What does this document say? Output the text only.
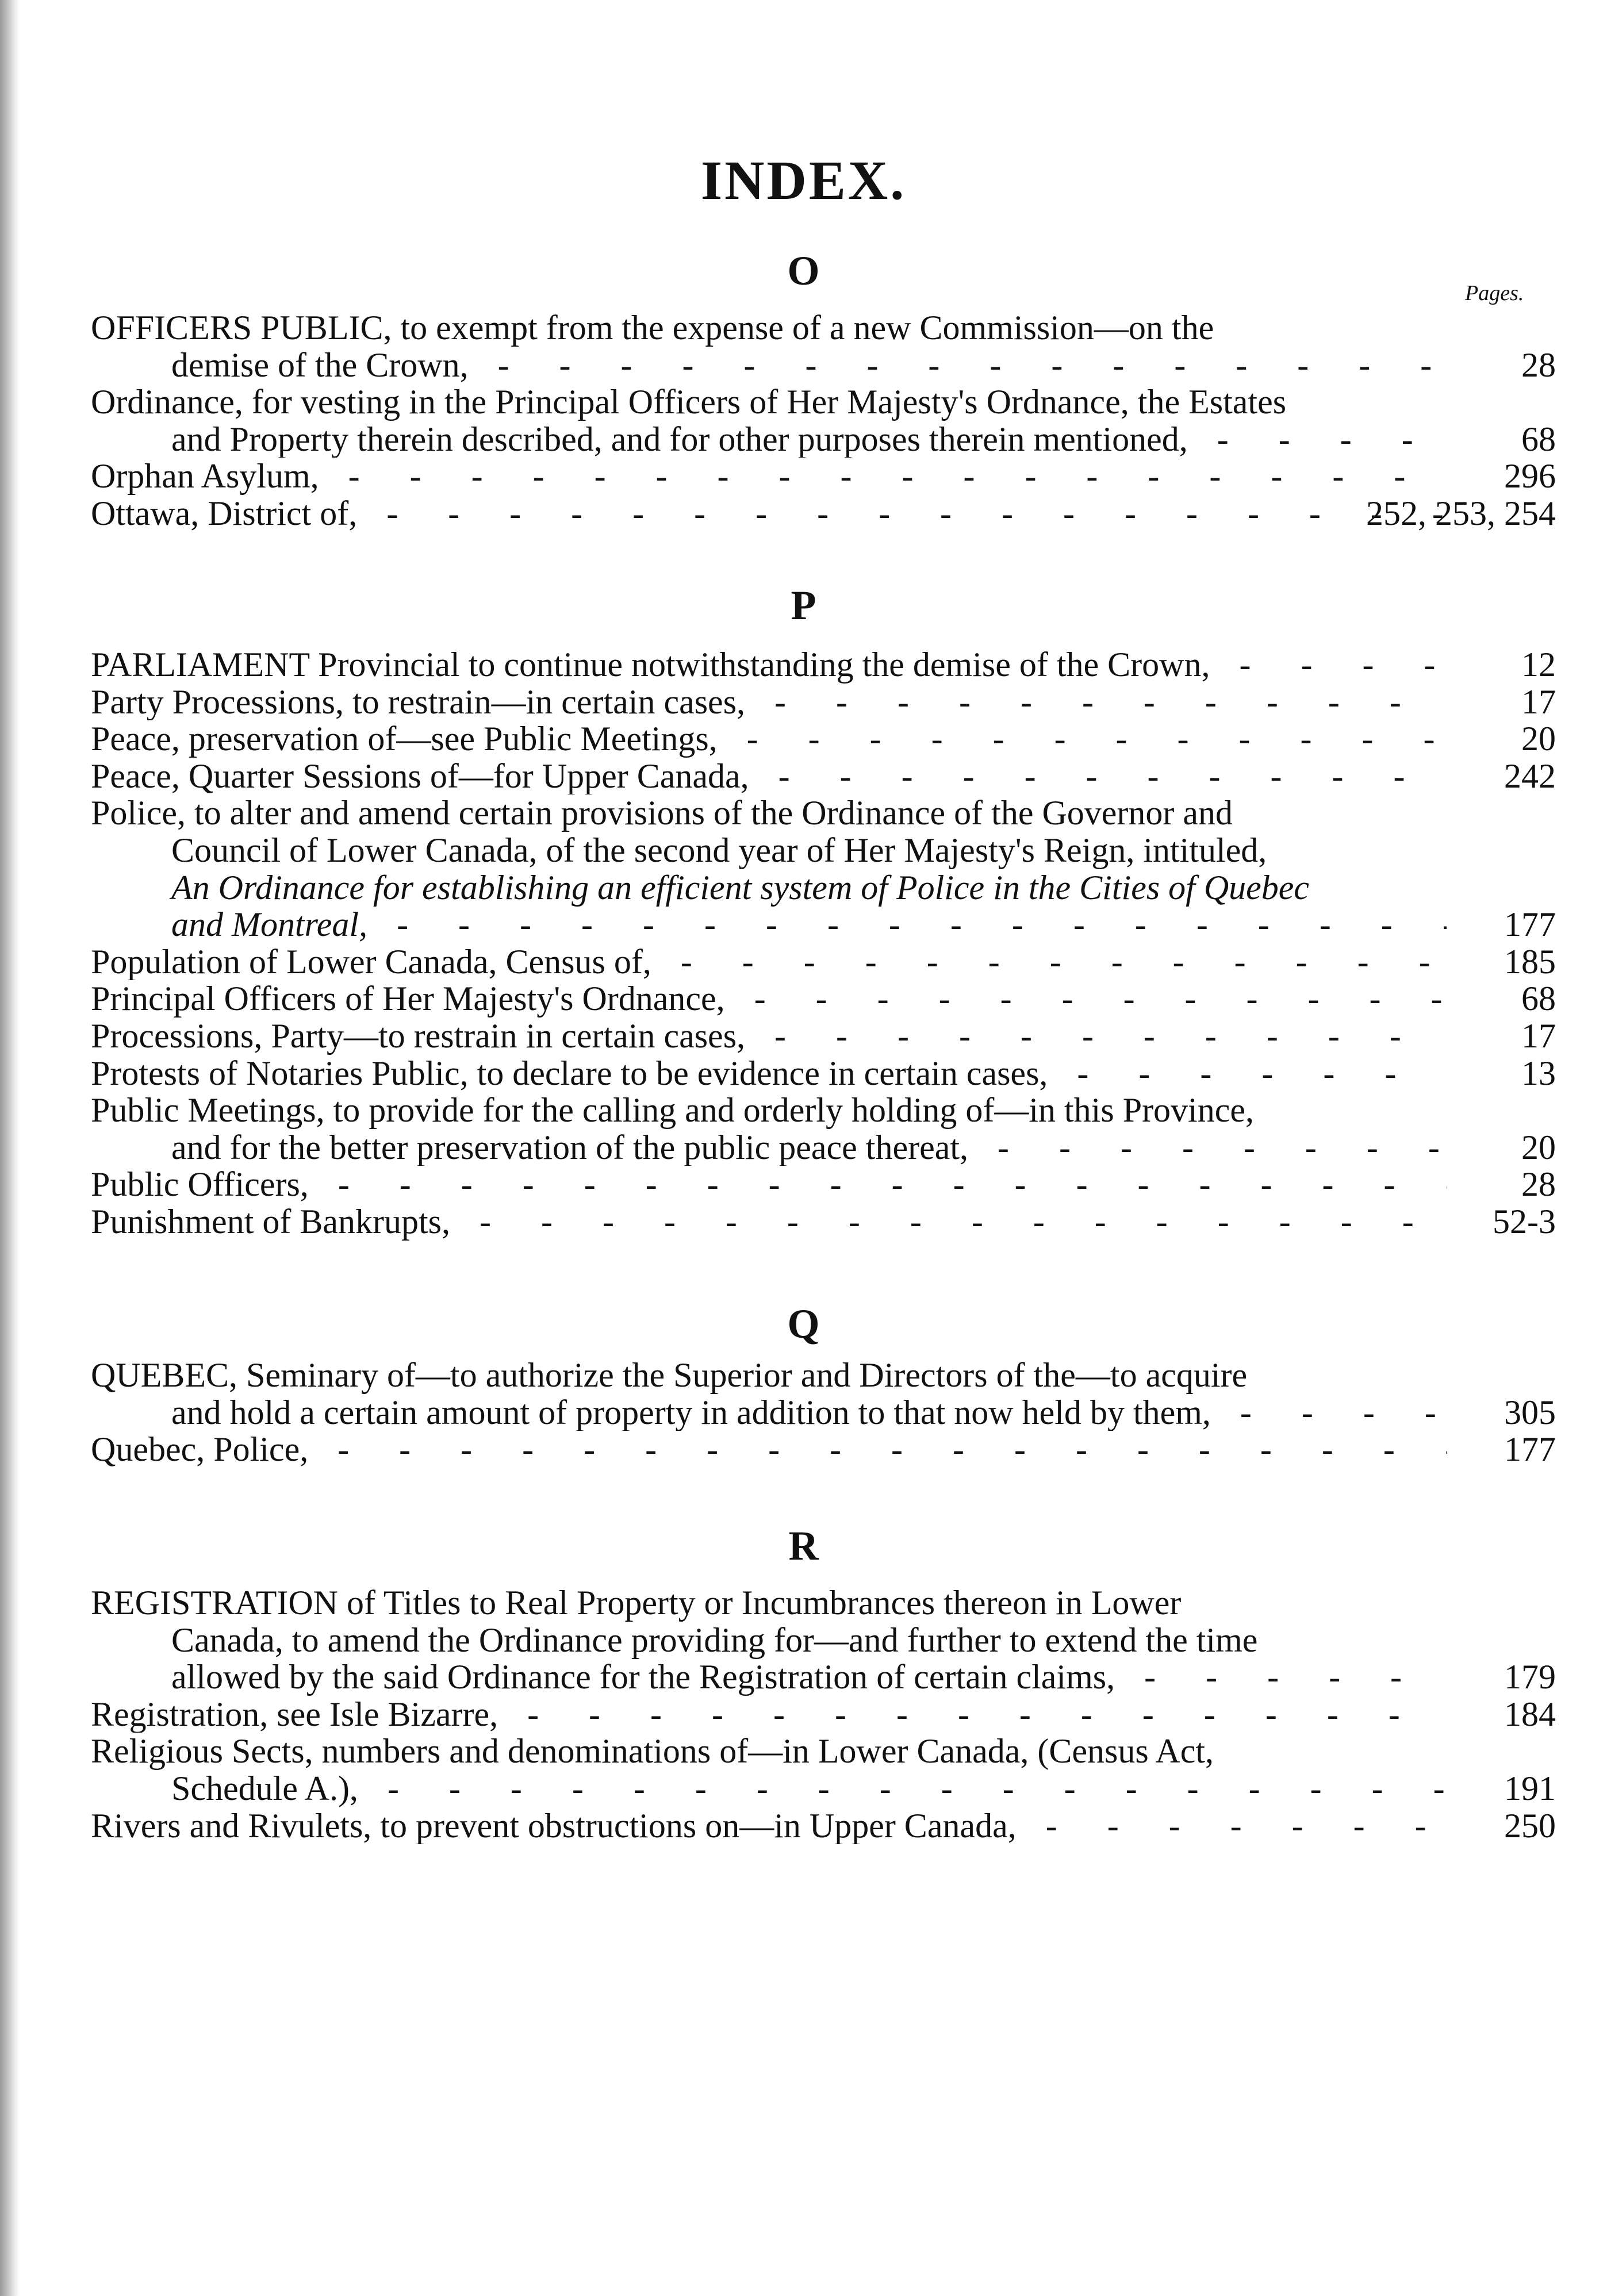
INDEX.
O	Pages.
OFFICERS PUBLIC, to exempt from the expense of a new Commission—on the
demise of the Crown, -	28
Ordinance, for vesting in the Principal Officers of Her Majesty's Ordnance, the Estates
and Property therein described, and for other purposes therein mentioned, -	68
Orphan Asylum, -	296
Ottawa, District of, -	252, 253, 254
P
PARLIAMENT Provincial to continue notwithstanding the demise of the Crown, -	12
Party Processions, to restrain—in certain cases, -	17
Peace, preservation of—see Public Meetings, -	20
Peace, Quarter Sessions of—for Upper Canada, -	242
Police, to alter and amend certain provisions of the Ordinance of the Governor and
Council of Lower Canada, of the second year of Her Majesty's Reign, intituled,
An Ordinance for establishing an efficient system of Police in the Cities of Quebec
and Montreal, -	177
Population of Lower Canada, Census of, -	185
Principal Officers of Her Majesty's Ordnance, -	68
Processions, Party—to restrain in certain cases, -	17
Protests of Notaries Public, to declare to be evidence in certain cases, -	13
Public Meetings, to provide for the calling and orderly holding of—in this Province,
and for the better preservation of the public peace thereat, -	20
Public Officers, -	28
Punishment of Bankrupts, -	52-3
Q
QUEBEC, Seminary of—to authorize the Superior and Directors of the—to acquire
and hold a certain amount of property in addition to that now held by them, -	305
Quebec, Police, -	177
R
REGISTRATION of Titles to Real Property or Incumbrances thereon in Lower
Canada, to amend the Ordinance providing for—and further to extend the time
allowed by the said Ordinance for the Registration of certain claims, -	179
Registration, see Isle Bizarre, -	184
Religious Sects, numbers and denominations of—in Lower Canada, (Census Act,
Schedule A.), -	191
Rivers and Rivulets, to prevent obstructions on—in Upper Canada, -	250
